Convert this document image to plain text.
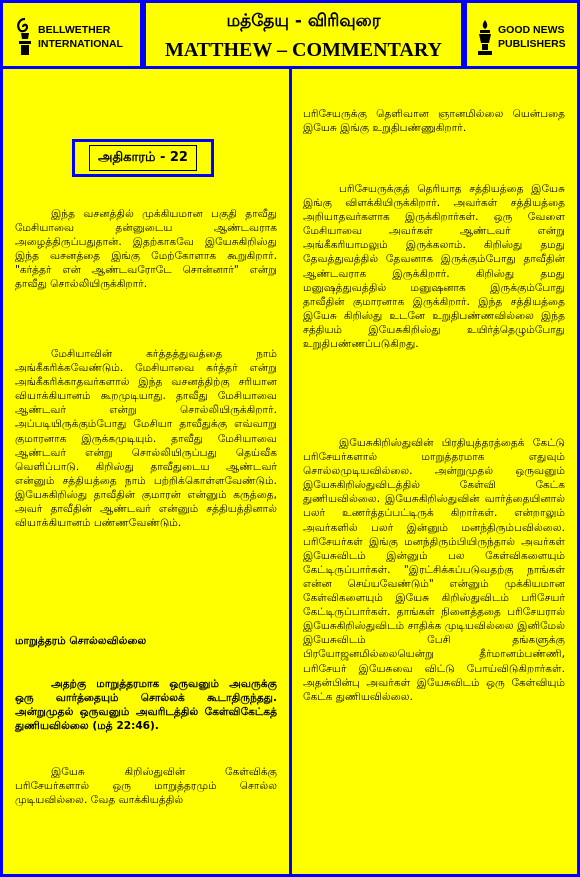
BELLWETHER INTERNATIONAL
மத்தேயு - விரிவுரை
MATTHEW – COMMENTARY
GOOD NEWS PUBLISHERS
அதிகாரம் - 22
இந்த வசனத்தில் முக்கியமான பகுதி தாவீது மேசியாவை தன்னுடைய ஆண்டவராக அழைத்திருப்பதுதான். இதற்காகவே இயேசுகிறிஸ்து இந்த வசனத்தை இங்கு மேற்கோளாக கூறுகிறார். "கர்த்தர் என் ஆண்டவரோடே சொன்னார்" என்று தாவீது சொல்லியிருக்கிறார்.
மேசியாவின் கர்த்தத்துவத்தை நாம் அங்கீகரிக்கவேண்டும். மேசியாவை கர்த்தர் என்று அங்கீகரிக்காதவர்களால் இந்த வசனத்திற்கு சரியான வியாக்கியானம் கூறமுடியாது. தாவீது மேசியாவை ஆண்டவர் என்று சொல்லியிருக்கிறார். அப்படியிருக்கும்போது மேசியா தாவீதுக்கு எவ்வாறு குமாரனாக இருக்கமுடியும். தாவீது மேசியாவை ஆண்டவர் என்று சொல்லியிருப்பது தெய்வீக வெளிப்பாடு. கிறிஸ்து தாவீதுடைய ஆண்டவர் என்னும் சத்தியத்தை நாம் பற்றிக்கொள்ளவேண்டும். இயேசுகிறிஸ்து தாவீதின் குமாரன் என்னும் கருத்தை, அவர் தாவீதின் ஆண்டவர் என்னும் சத்தியத்தினால் வியாக்கியானம் பண்ணவேண்டும்.
மாறுத்தரம் சொல்லவில்லை
அதற்கு மாறுத்தரமாக ஒருவனும் அவருக்கு ஒரு வார்த்தையும் சொல்லக் கூடாதிருந்தது. அன்றுமுதல் ஒருவனும் அவரிடத்தில் கேள்விகேட்கத் துணியவில்லை (மத் 22:46).
இயேசு கிறிஸ்துவின் கேள்விக்கு பரிசேயர்களால் ஒரு மாறுத்தரமும் சொல்ல முடியவில்லை. வேத வாக்கியத்தில்
பரிசேயருக்கு தெளிவான ஞானமில்லை யென்பதை இயேசு இங்கு உறுதிபண்ணுகிறார்.
பரிசேயருக்குத் தெரியாத சத்தியத்தை இயேசு இங்கு விளக்கியிருக்கிறார். அவர்கள் சத்தியத்தை அறியாதவர்களாக இருக்கிறார்கள். ஒரு வேளை மேசியாவை அவர்கள் ஆண்டவர் என்று அங்கீகரியாமலும் இருக்கலாம். கிறிஸ்து தமது தேவத்துவத்தில் தேவனாக இருக்கும்போது தாவீதின் ஆண்டவராக இருக்கிறார். கிறிஸ்து தமது மனுஷத்துவத்தில் மனுஷனாக இருக்கும்போது தாவீதின் குமாரனாக இருக்கிறார். இந்த சத்தியத்தை இயேசு கிறிஸ்து உடனே உறுதிபண்ணவில்லை இந்த சத்தியம் இயேசுகிறிஸ்து உயிர்த்தெழும்போது உறுதிபண்ணப்படுகிறது.
இயேசுகிறிஸ்துவின் பிரதியுத்தரத்தைக் கேட்டு பரிசேயர்களால் மாறுத்தரமாக எதுவும் சொல்லமுடியவில்லை. அன்றுமுதல் ஒருவனும் இயேசுகிறிஸ்துவிடத்தில் கேள்வி கேட்க துணியவில்லை. இயேசுகிறிஸ்துவின் வார்த்தையினால் பலர் உணர்த்தப்பட்டிருக் கிறார்கள். என்றாலும் அவர்களில் பலர் இன்னும் மனந்திரும்பவில்லை. பரிசேயர்கள் இங்கு மனந்திரும்பியிருந்தால் அவர்கள் இயேசுவிடம் இன்னும் பல கேள்விகளையும் கேட்டிருப்பார்கள். "இரட்சிக்கப்படுவதற்கு நாங்கள் என்ன செய்யவேண்டும்" என்னும் முக்கியமான கேள்விகளையும் இயேசு கிறிஸ்துவிடம் பரிசேயர் கேட்டிருப்பார்கள். தாங்கள் நினைத்ததை பரிசேயரால் இயேசுகிறிஸ்துவிடம் சாதிக்க முடியவில்லை இனிமேல் இயேசுவிடம் பேசி தங்களுக்கு பிரயோஜனமில்லையென்று தீர்மானம்பண்ணி, பரிசேயர் இயேசுவை விட்டு போய்விடுகிறார்கள். அதன்பின்பு அவர்கள் இயேசுவிடம் ஒரு கேள்வியும் கேட்க துணியவில்லை.
